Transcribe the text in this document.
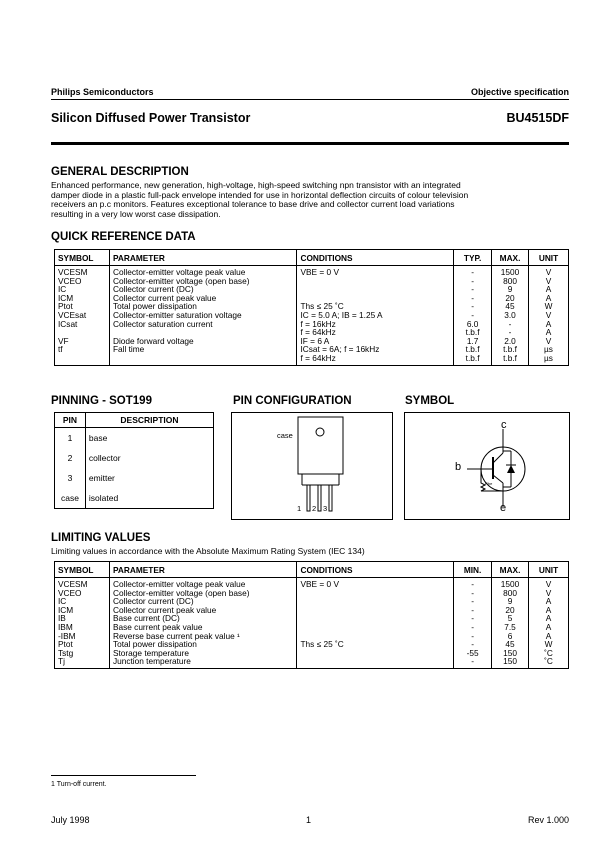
Philips Semiconductors	Objective specification
Silicon Diffused Power Transistor	BU4515DF
GENERAL DESCRIPTION
Enhanced performance, new generation, high-voltage, high-speed switching npn transistor with an integrated
damper diode in a plastic full-pack envelope intended for use in horizontal deflection circuits of colour television
receivers an p.c monitors. Features exceptional tolerance to base drive and collector current load variations
resulting in a very low worst case dissipation.
QUICK REFERENCE DATA
SYMBOL	PARAMETER	CONDITIONS	TYP.	MAX.	UNIT
VCESM	Collector-emitter voltage peak value	VBE = 0 V	-	1500	V
VCEO	Collector-emitter voltage (open base)		-	800	V
IC	Collector current (DC)		-	9	A
ICM	Collector current peak value		-	20	A
Ptot	Total power dissipation	Ths ≤ 25 ˚C	-	45	W
VCEsat	Collector-emitter saturation voltage	IC = 5.0 A; IB = 1.25 A	-	3.0	V
ICsat	Collector saturation current	f = 16kHz	6.0	-	A
		f = 64kHz	t.b.f	-	A
VF	Diode forward voltage	IF = 6 A	1.7	2.0	V
tf	Fall time	ICsat = 6A; f = 16kHz	t.b.f	t.b.f	µs
		f = 64kHz	t.b.f	t.b.f	µs
PINNING - SOT199	PIN CONFIGURATION	SYMBOL
PIN	DESCRIPTION
1	base
2	collector
3	emitter
case	isolated
case
1 2 3
c
b
e
Rbe
LIMITING VALUES
Limiting values in accordance with the Absolute Maximum Rating System (IEC 134)
SYMBOL	PARAMETER	CONDITIONS	MIN.	MAX.	UNIT
VCESM	Collector-emitter voltage peak value	VBE = 0 V	-	1500	V
VCEO	Collector-emitter voltage (open base)		-	800	V
IC	Collector current (DC)		-	9	A
ICM	Collector current peak value		-	20	A
IB	Base current (DC)		-	5	A
IBM	Base current peak value		-	7.5	A
-IBM	Reverse base current peak value ¹		-	6	A
Ptot	Total power dissipation	Ths ≤ 25 ˚C	-	45	W
Tstg	Storage temperature		-55	150	˚C
Tj	Junction temperature		-	150	˚C
1 Turn-off current.
July 1998	1	Rev 1.000
